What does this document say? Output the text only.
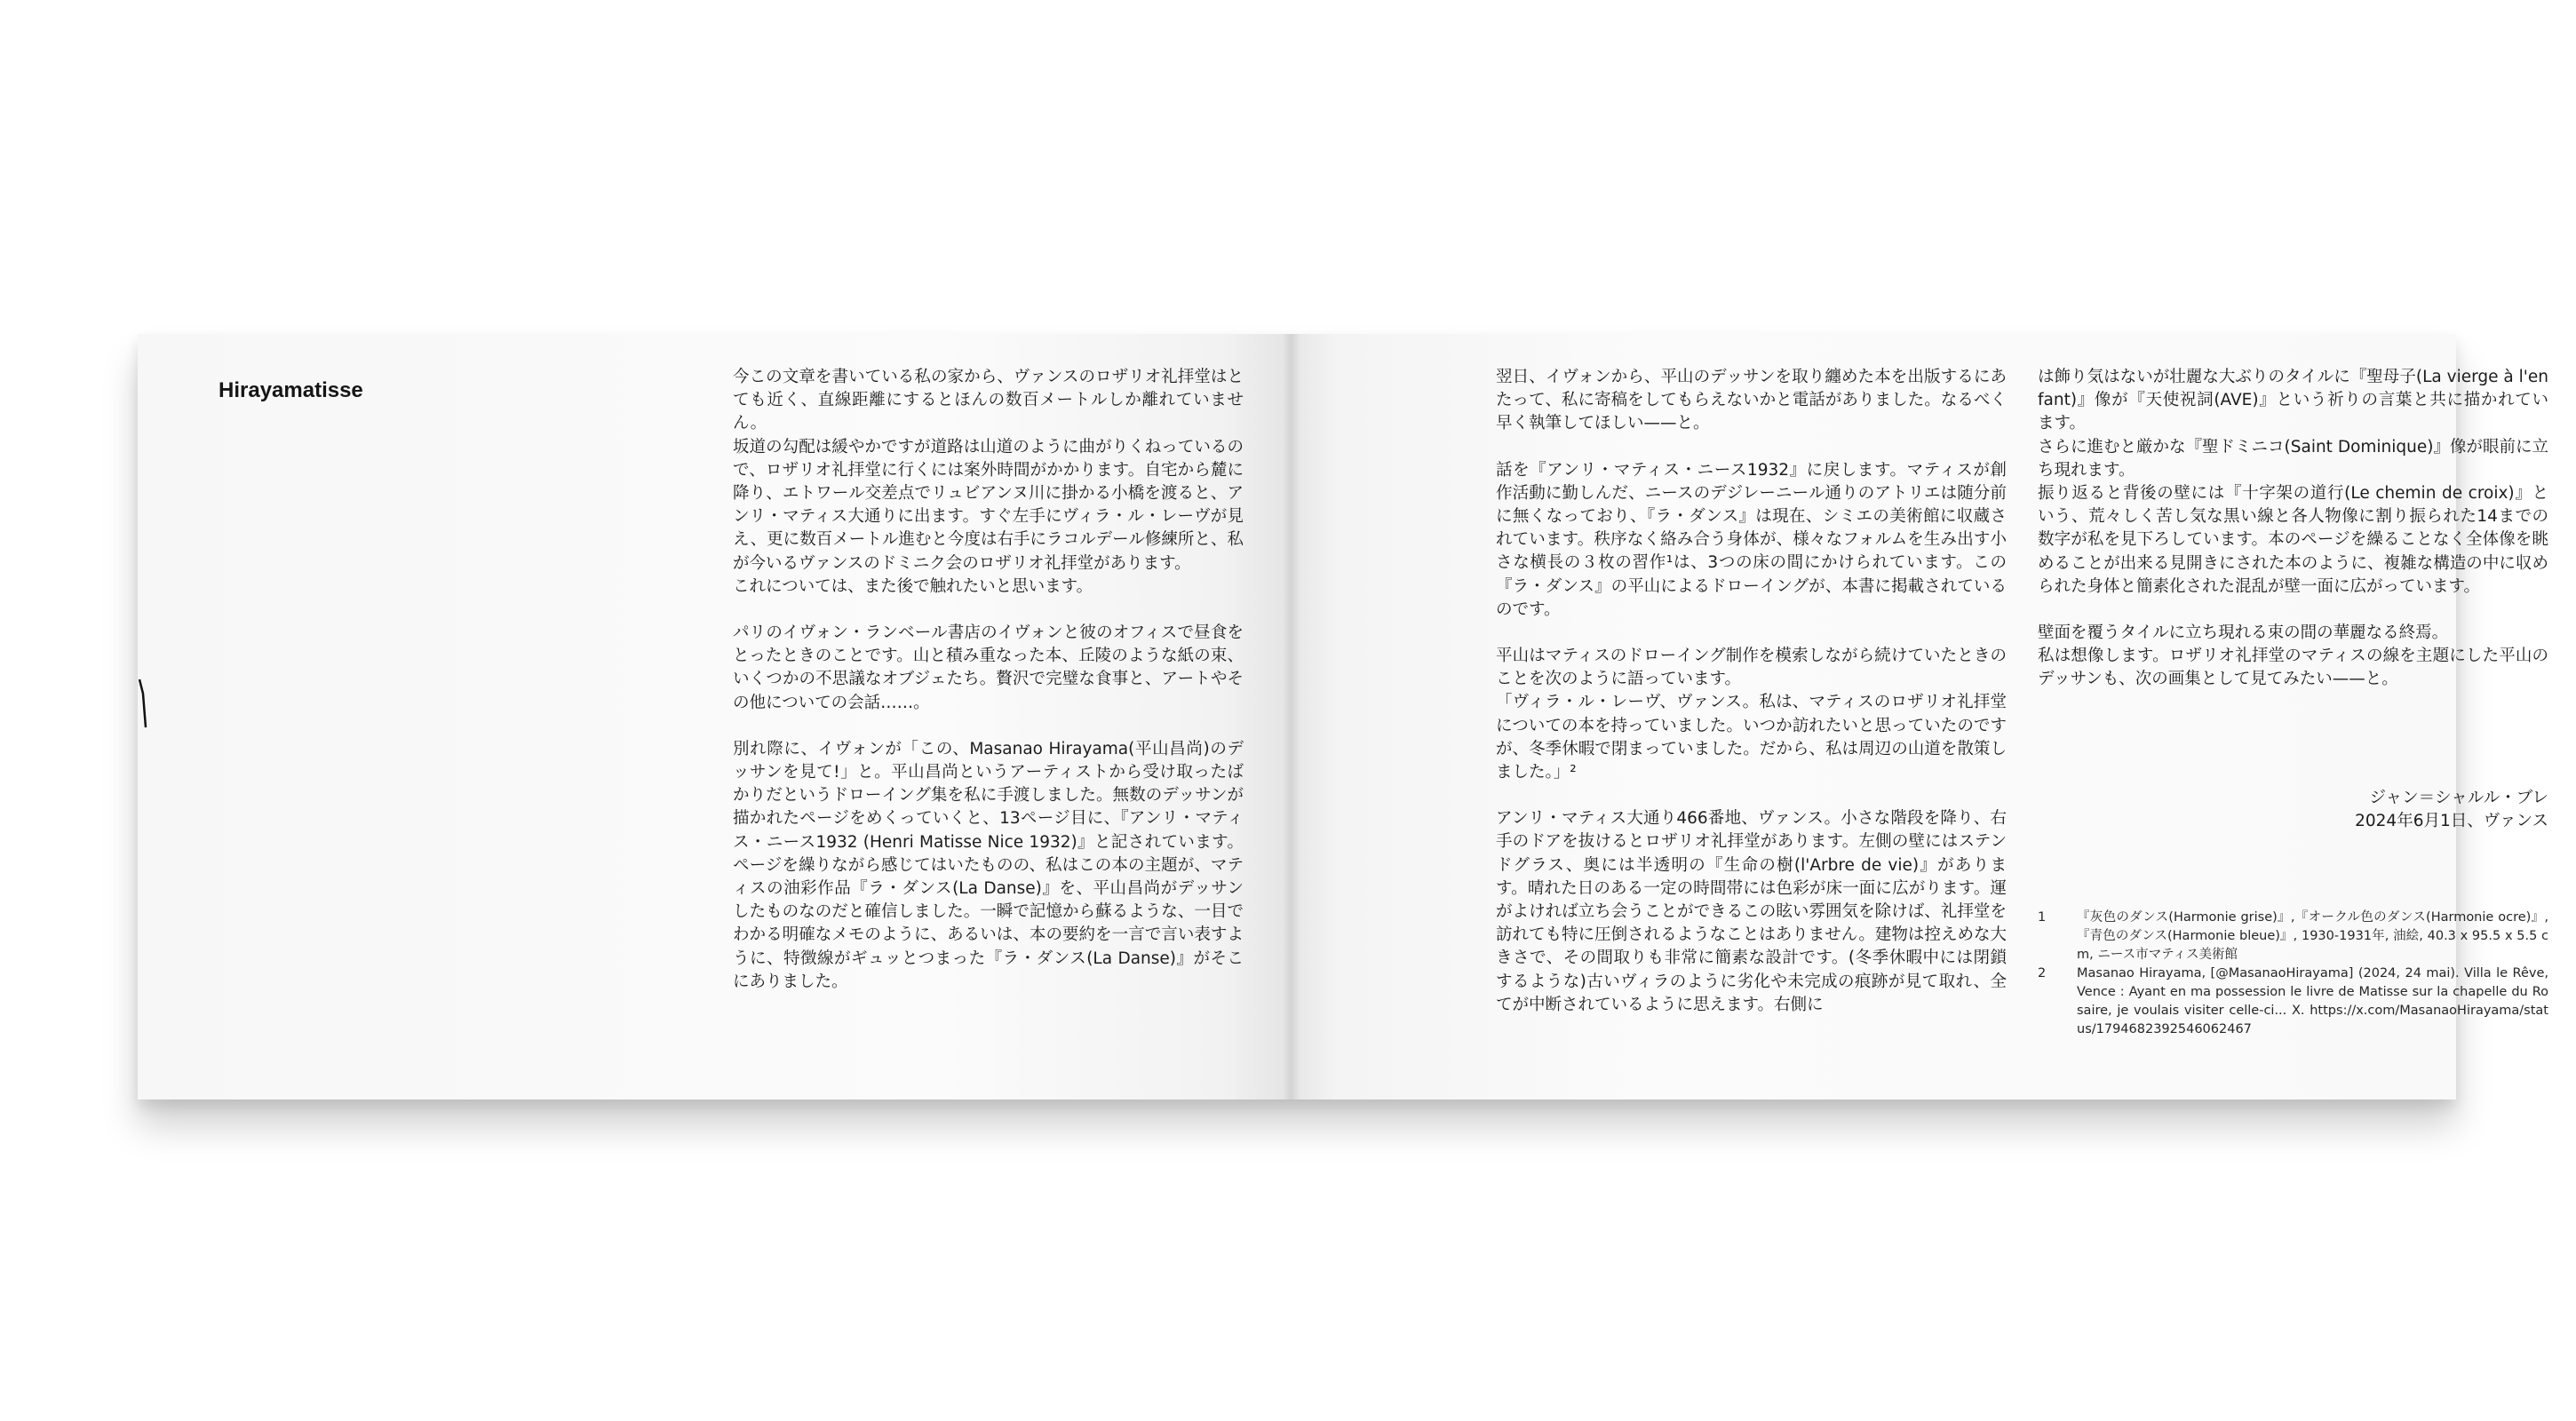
Hirayamatisse

今この文章を書いている私の家から、ヴァンスのロザリオ礼拝堂はとても近く、直線距離にするとほんの数百メートルしか離れていません。

坂道の勾配は緩やかですが道路は山道のように曲がりくねっているので、ロザリオ礼拝堂に行くには案外時間がかかります。自宅から麓に降り、エトワール交差点でリュビアンヌ川に掛かる小橋を渡ると、アンリ・マティス大通りに出ます。すぐ左手にヴィラ・ル・レーヴが見え、更に数百メートル進むと今度は右手にラコルデール修練所と、私が今いるヴァンスのドミニク会のロザリオ礼拝堂があります。

これについては、また後で触れたいと思います。

パリのイヴォン・ランベール書店のイヴォンと彼のオフィスで昼食をとったときのことです。山と積み重なった本、丘陵のような紙の束、いくつかの不思議なオブジェたち。贅沢で完璧な食事と、アートやその他についての会話……。

別れ際に、イヴォンが「この、Masanao Hirayama(平山昌尚)のデッサンを見て!」と。平山昌尚というアーティストから受け取ったばかりだというドローイング集を私に手渡しました。無数のデッサンが描かれたページをめくっていくと、13ページ目に、『アンリ・マティス・ニース1932 (Henri Matisse Nice 1932)』と記されています。ページを繰りながら感じてはいたものの、私はこの本の主題が、マティスの油彩作品『ラ・ダンス(La Danse)』を、平山昌尚がデッサンしたものなのだと確信しました。一瞬で記憶から蘇るような、一目でわかる明確なメモのように、あるいは、本の要約を一言で言い表すように、特徴線がギュッとつまった『ラ・ダンス(La Danse)』がそこにありました。

翌日、イヴォンから、平山のデッサンを取り纏めた本を出版するにあたって、私に寄稿をしてもらえないかと電話がありました。なるべく早く執筆してほしい——と。

話を『アンリ・マティス・ニース1932』に戻します。マティスが創作活動に勤しんだ、ニースのデジレーニール通りのアトリエは随分前に無くなっており、『ラ・ダンス』は現在、シミエの美術館に収蔵されています。秩序なく絡み合う身体が、様々なフォルムを生み出す小さな横長の３枚の習作¹は、3つの床の間にかけられています。この『ラ・ダンス』の平山によるドローイングが、本書に掲載されているのです。

平山はマティスのドローイング制作を模索しながら続けていたときのことを次のように語っています。

「ヴィラ・ル・レーヴ、ヴァンス。私は、マティスのロザリオ礼拝堂についての本を持っていました。いつか訪れたいと思っていたのですが、冬季休暇で閉まっていました。だから、私は周辺の山道を散策しました。」²

アンリ・マティス大通り466番地、ヴァンス。小さな階段を降り、右手のドアを抜けるとロザリオ礼拝堂があります。左側の壁にはステンドグラス、奥には半透明の『生命の樹(l'Arbre de vie)』があります。晴れた日のある一定の時間帯には色彩が床一面に広がります。運がよければ立ち会うことができるこの眩い雰囲気を除けば、礼拝堂を訪れても特に圧倒されるようなことはありません。建物は控えめな大きさで、その間取りも非常に簡素な設計です。(冬季休暇中には閉鎖するような)古いヴィラのように劣化や未完成の痕跡が見て取れ、全てが中断されているように思えます。右側に

は飾り気はないが壮麗な大ぶりのタイルに『聖母子(La vierge à l'enfant)』像が『天使祝詞(AVE)』という祈りの言葉と共に描かれています。

さらに進むと厳かな『聖ドミニコ(Saint Dominique)』像が眼前に立ち現れます。

振り返ると背後の壁には『十字架の道行(Le chemin de croix)』という、荒々しく苦し気な黒い線と各人物像に割り振られた14までの数字が私を見下ろしています。本のページを繰ることなく全体像を眺めることが出来る見開きにされた本のように、複雑な構造の中に収められた身体と簡素化された混乱が壁一面に広がっています。

壁面を覆うタイルに立ち現れる束の間の華麗なる終焉。

私は想像します。ロザリオ礼拝堂のマティスの線を主題にした平山のデッサンも、次の画集として見てみたい——と。

ジャン＝シャルル・ブレ
2024年6月1日、ヴァンス
1	『灰色のダンス(Harmonie grise)』,『オークル色のダンス(Harmonie ocre)』,『青色のダンス(Harmonie bleue)』, 1930-1931年, 油絵, 40.3 x 95.5 x 5.5 cm, ニース市マティス美術館
2	Masanao Hirayama, [@MasanaoHirayama] (2024, 24 mai). Villa le Rêve, Vence : Ayant en ma possession le livre de Matisse sur la chapelle du Rosaire, je voulais visiter celle-ci... X. https://x.com/MasanaoHirayama/status/1794682392546062467
